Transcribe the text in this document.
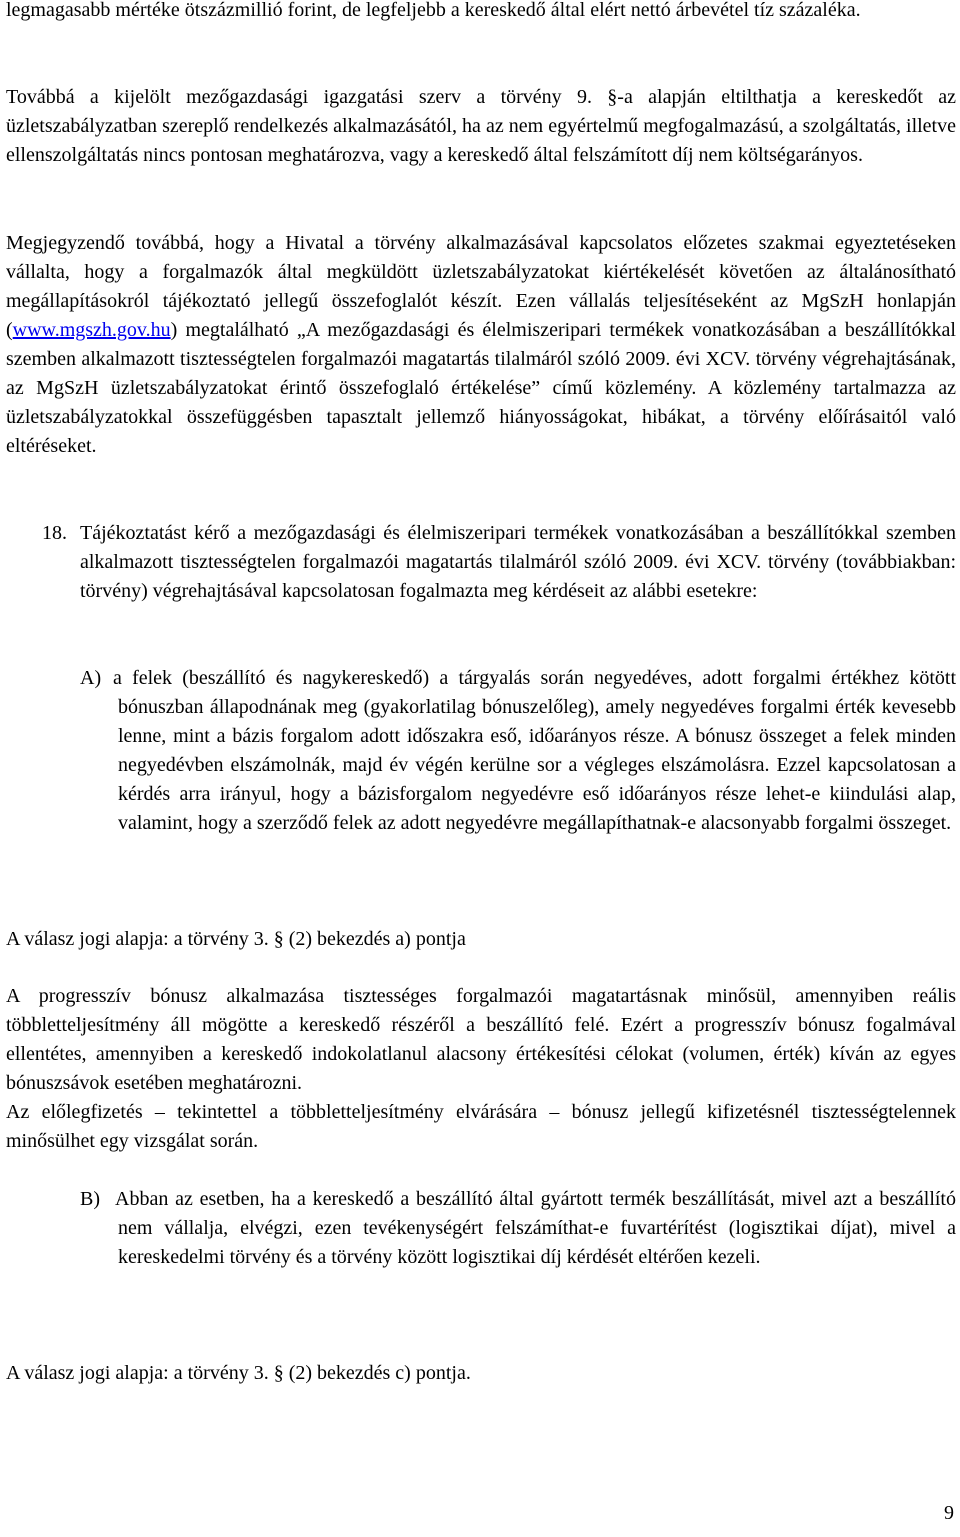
legmagasabb mértéke ötszázmillió forint, de legfeljebb a kereskedő által elért nettó árbevétel tíz százaléka.

Továbbá a kijelölt mezőgazdasági igazgatási szerv a törvény 9. §-a alapján eltilthatja a kereskedőt az üzletszabályzatban szereplő rendelkezés alkalmazásától, ha az nem egyértelmű megfogalmazású, a szolgáltatás, illetve ellenszolgáltatás nincs pontosan meghatározva, vagy a kereskedő által felszámított díj nem költségarányos.

Megjegyzendő továbbá, hogy a Hivatal a törvény alkalmazásával kapcsolatos előzetes szakmai egyeztetéseken vállalta, hogy a forgalmazók által megküldött üzletszabályzatokat kiértékelését követően az általánosítható megállapításokról tájékoztató jellegű összefoglalót készít. Ezen vállalás teljesítéseként az MgSzH honlapján (www.mgszh.gov.hu) megtalálható „A mezőgazdasági és élelmiszeripari termékek vonatkozásában a beszállítókkal szemben alkalmazott tisztességtelen forgalmazói magatartás tilalmáról szóló 2009. évi XCV. törvény végrehajtásának, az MgSzH üzletszabályzatokat érintő összefoglaló értékelése” című közlemény. A közlemény tartalmazza az üzletszabályzatokkal összefüggésben tapasztalt jellemző hiányosságokat, hibákat, a törvény előírásaitól való eltéréseket.

18. Tájékoztatást kérő a mezőgazdasági és élelmiszeripari termékek vonatkozásában a beszállítókkal szemben alkalmazott tisztességtelen forgalmazói magatartás tilalmáról szóló 2009. évi XCV. törvény (továbbiakban: törvény) végrehajtásával kapcsolatosan fogalmazta meg kérdéseit az alábbi esetekre:

A) a felek (beszállító és nagykereskedő) a tárgyalás során negyedéves, adott forgalmi értékhez kötött bónuszban állapodnának meg (gyakorlatilag bónuszelőleg), amely negyedéves forgalmi érték kevesebb lenne, mint a bázis forgalom adott időszakra eső, időarányos része. A bónusz összeget a felek minden negyedévben elszámolnák, majd év végén kerülne sor a végleges elszámolásra. Ezzel kapcsolatosan a kérdés arra irányul, hogy a bázisforgalom negyedévre eső időarányos része lehet-e kiindulási alap, valamint, hogy a szerződő felek az adott negyedévre megállapíthatnak-e alacsonyabb forgalmi összeget.

A válasz jogi alapja: a törvény 3. § (2) bekezdés a) pontja

A progresszív bónusz alkalmazása tisztességes forgalmazói magatartásnak minősül, amennyiben reális többletteljesítmény áll mögötte a kereskedő részéről a beszállító felé. Ezért a progresszív bónusz fogalmával ellentétes, amennyiben a kereskedő indokolatlanul alacsony értékesítési célokat (volumen, érték) kíván az egyes bónuszsávok esetében meghatározni.

Az előlegfizetés – tekintettel a többletteljesítmény elvárására – bónusz jellegű kifizetésnél tisztességtelennek minősülhet egy vizsgálat során.

B) Abban az esetben, ha a kereskedő a beszállító által gyártott termék beszállítását, mivel azt a beszállító nem vállalja, elvégzi, ezen tevékenységért felszámíthat-e fuvartérítést (logisztikai díjat), mivel a kereskedelmi törvény és a törvény között logisztikai díj kérdését eltérően kezeli.

A válasz jogi alapja: a törvény 3. § (2) bekezdés c) pontja.

9
